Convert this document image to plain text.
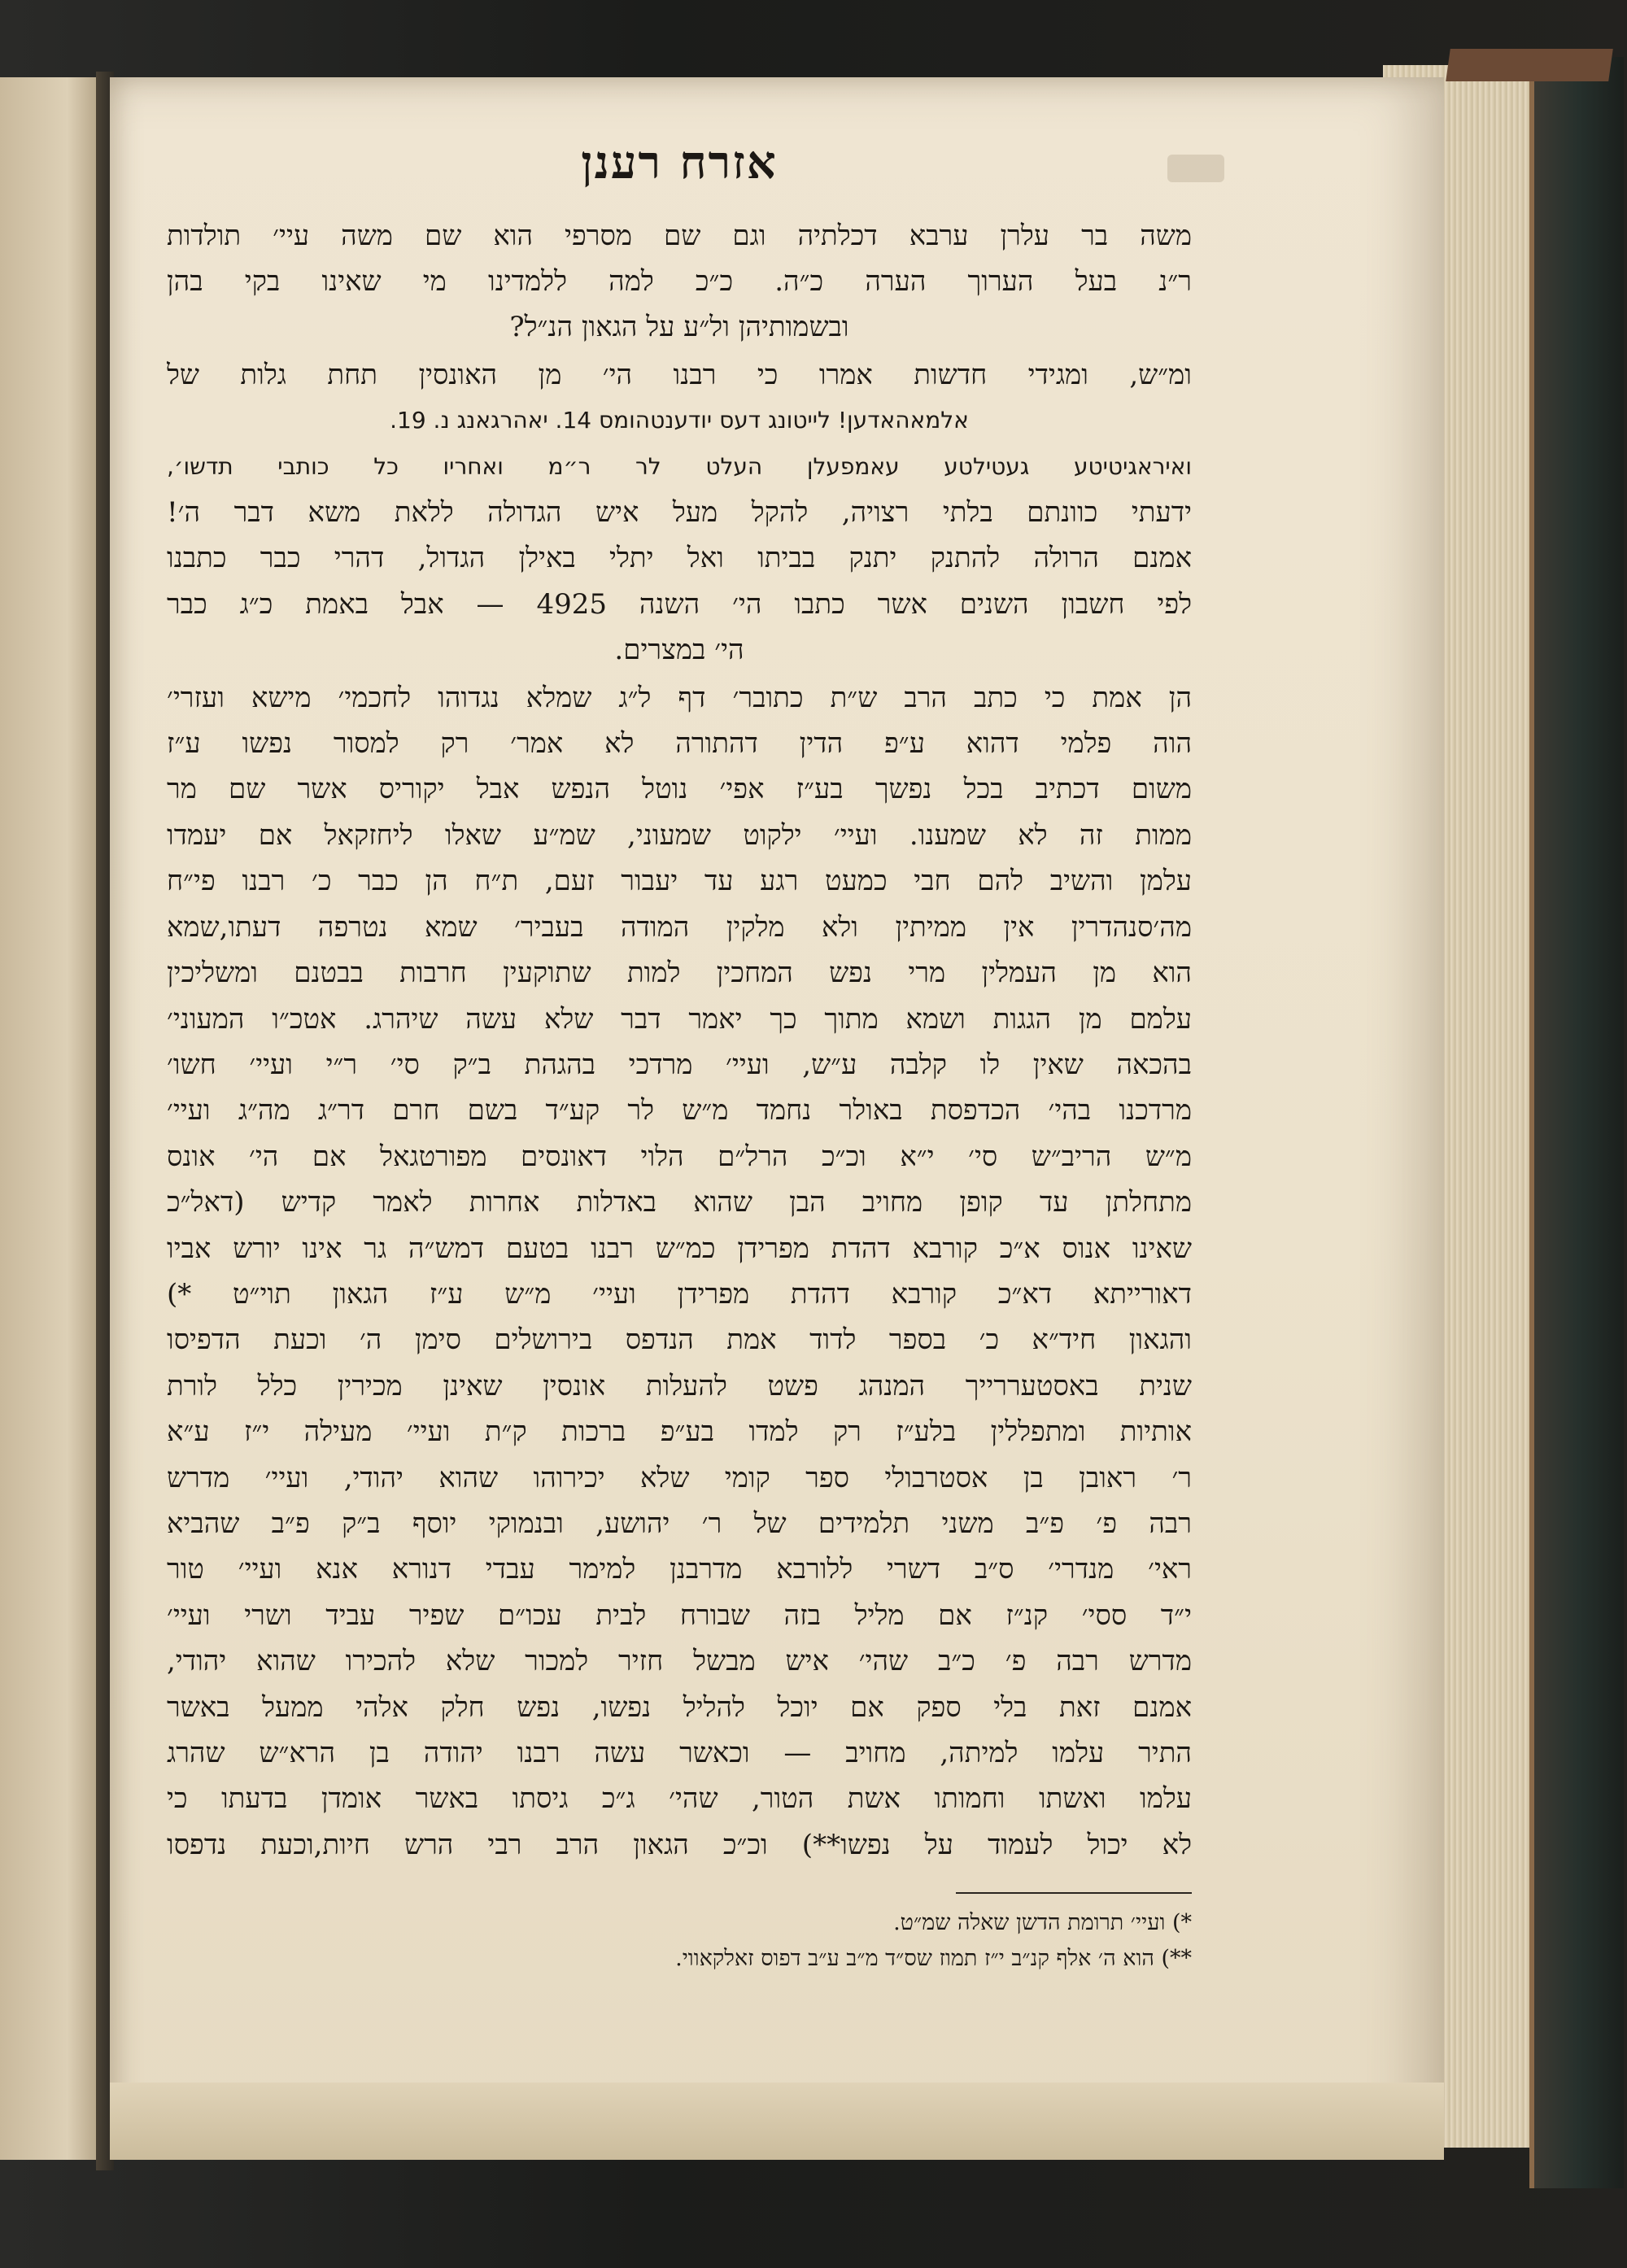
אזרח רענן
משה בר עלרן ערבא דכלתיה וגם שם מסרפי הוא שם משה עיי׳ תולדות
ר״נ בעל הערוך הערה כ״ה. כ״כ למה ללמדינו מי שאינו בקי בהן
ובשמותיהן ול״ע על הגאון הנ״ל?
ומ״ש, ומגידי חדשות אמרו כי רבנו הי׳ מן האונסין תחת גלות של
אלמאהאדען! לייטונג דעס יודענטהומס 14. יאהרגאנג נ. 19.
ואיראגיטיטע געטילטע עאמפעלן העלט לר ר״מ ואחריו כל כותבי תדשו׳,
ידעתי כוונתם בלתי רצויה, להקל מעל איש הגדולה ללאת משא דבר ה׳!
אמנם הרולה להתנק יתנק בביתו ואל יתלי באילן הגדול, דהרי כבר כתבנו
לפי חשבון השנים אשר כתבו הי׳ השנה 4925 — אבל באמת כ״ג כבר
הי׳ במצרים.
הן אמת כי כתב הרב ש״ת כתובר׳ דף ל״ג שמלא נגדוהו לחכמי׳ מישא ועזרי׳
הוה פלמי דהוא ע״פ הדין דהתורה לא אמר׳ רק למסור נפשו ע״ז
משום דכתיב בכל נפשך בע״ז אפי׳ נוטל הנפש אבל יקוריס אשר שם מר
ממות זה לא שמענו. ועיי׳ ילקוט שמעוני, שמ״ע שאלו ליחזקאל אם יעמדו
עלמן והשיב להם חבי כמעט רגע עד יעבור זעם, ת״ח הן כבר כ׳ רבנו פי״ח
מה׳סנהדרין אין ממיתין ולא מלקין המודה בעביר׳ שמא נטרפה דעתו,שמא
הוא מן העמלין מרי נפש המחכין למות שתוקעין חרבות בבטנם ומשליכין
עלמם מן הגגות ושמא מתוך כך יאמר דבר שלא עשה שיהרג. אטכ״ו המעוני׳
בהכאה שאין לו קלבה ע״ש, ועיי׳ מרדכי בהגהת ב״ק סי׳ ר״י ועיי׳ חשו׳
מרדכנו בהי׳ הכדפסת באולר נחמד מ״ש לר קע״ד בשם חרם דר״ג מה״ג ועיי׳
מ״ש הריב״ש סי׳ י״א וכ״כ הרל״ם הלוי דאונסים מפורטגאל אם הי׳ אונס
מתחלתן עד קופן מחויב הבן שהוא באדלות אחרות לאמר קדיש (דאל״כ
שאינו אנוס א״כ קורבא דהדת מפרידן כמ״ש רבנו בטעם דמש״ה גר אינו יורש אביו
דאורייתא דא״כ קורבא דהדת מפרידן ועיי׳ מ״ש ע״ז הגאון תוי״ט *)
והגאון חיד״א כ׳ בספר לדוד אמת הנדפס בירושלים סימן ה׳ וכעת הדפיסו
שנית באסטעררייך המנהג פשט להעלות אונסין שאינן מכירין כלל לורת
אותיות ומתפללין בלע״ז רק למדו בע״פ ברכות ק״ת ועיי׳ מעילה י״ז ע״א
ר׳ ראובן בן אסטרבולי ספר קומי שלא יכירוהו שהוא יהודי, ועיי׳ מדרש
רבה פ׳ פ״ב משני תלמידים של ר׳ יהושע, ובנמוקי יוסף ב״ק פ״ב שהביא
ראי׳ מנדרי׳ ס״ב דשרי ללורבא מדרבנן למימר עבדי דנורא אנא ועיי׳ טור
י״ד ססי׳ קנ״ז אם מליל בזה שבורח לבית עכו״ם שפיר עביד ושרי ועיי׳
מדרש רבה פ׳ כ״ב שהי׳ איש מבשל חזיר למכור שלא להכירו שהוא יהודי,
אמנם זאת בלי ספק אם יוכל להליל נפשו, נפש חלק אלהי ממעל באשר
התיר עלמו למיתה, מחויב — וכאשר עשה רבנו יהודה בן הרא״ש שהרג
עלמו ואשתו וחמותו אשת הטור, שהי׳ ג״כ גיסתו באשר אומדן בדעתו כי
לא יכול לעמוד על נפשו**) וכ״כ הגאון הרב רבי הרש חיות,וכעת נדפסו
*) ועיי׳ תרומת הדשן שאלה שמ״ט.
**) הוא ה׳ אלף קנ״ב י״ז תמוז שס״ד מ״ב ע״ב דפוס זאלקאווי.
